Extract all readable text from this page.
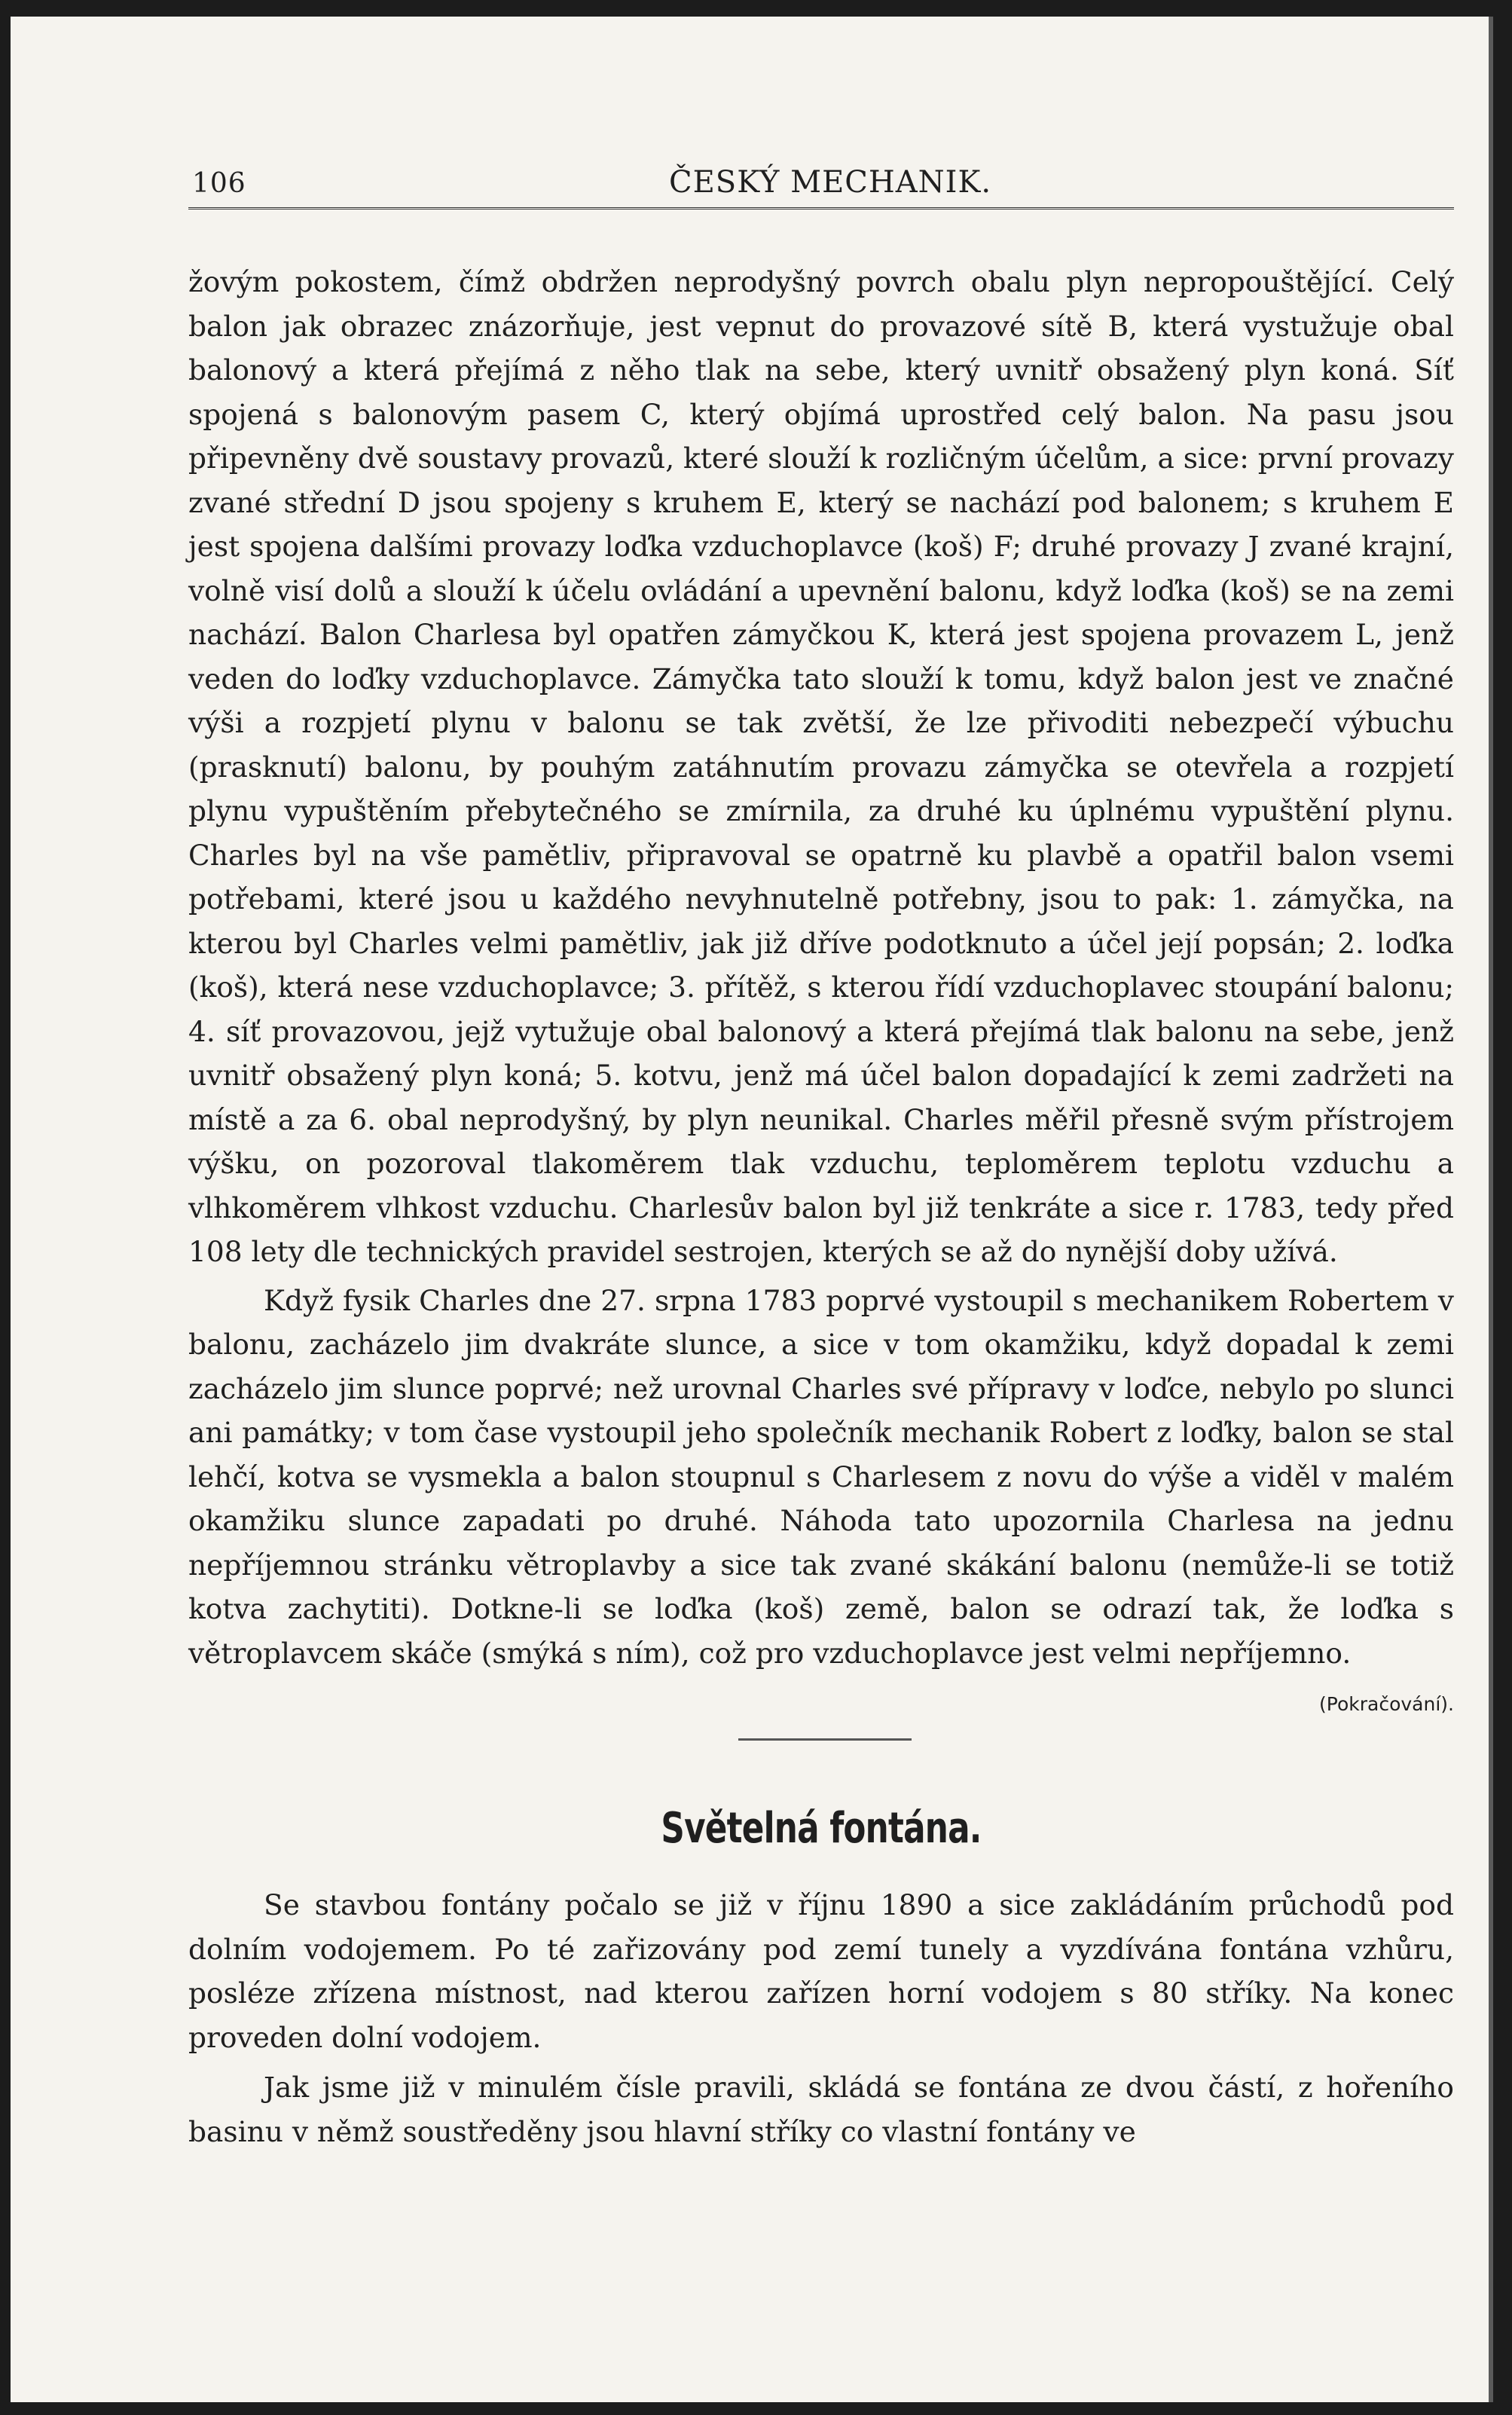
106	ČESKÝ MECHANIK.

žovým pokostem, čímž obdržen neprodyšný povrch obalu plyn nepropouštějící. Celý balon jak obrazec znázorňuje, jest vepnut do provazové sítě B, která vystužuje obal balonový a která přejímá z něho tlak na sebe, který uvnitř obsažený plyn koná. Síť spojená s balonovým pasem C, který objímá uprostřed celý balon. Na pasu jsou připevněny dvě soustavy provazů, které slouží k rozličným účelům, a sice: první provazy zvané střední D jsou spojeny s kruhem E, který se nachází pod balonem; s kruhem E jest spojena dalšími provazy loďka vzduchoplavce (koš) F; druhé provazy J zvané krajní, volně visí dolů a slouží k účelu ovládání a upevnění balonu, když loďka (koš) se na zemi nachází. Balon Charlesa byl opatřen zámyčkou K, která jest spojena provazem L, jenž veden do loďky vzduchoplavce. Zámyčka tato slouží k tomu, když balon jest ve značné výši a rozpjetí plynu v balonu se tak zvětší, že lze přivoditi nebezpečí výbuchu (prasknutí) balonu, by pouhým zatáhnutím provazu zámyčka se otevřela a rozpjetí plynu vypuštěním přebytečného se zmírnila, za druhé ku úplnému vypuštění plynu. Charles byl na vše pamětliv, připravoval se opatrně ku plavbě a opatřil balon vsemi potřebami, které jsou u každého nevyhnutelně potřebny, jsou to pak: 1. zámyčka, na kterou byl Charles velmi pamětliv, jak již dříve podotknuto a účel její popsán; 2. loďka (koš), která nese vzduchoplavce; 3. přítěž, s kterou řídí vzduchoplavec stoupání balonu; 4. síť provazovou, jejž vytužuje obal balonový a která přejímá tlak balonu na sebe, jenž uvnitř obsažený plyn koná; 5. kotvu, jenž má účel balon dopadající k zemi zadržeti na místě a za 6. obal neprodyšný, by plyn neunikal. Charles měřil přesně svým přístrojem výšku, on pozoroval tlakoměrem tlak vzduchu, teploměrem teplotu vzduchu a vlhkoměrem vlhkost vzduchu. Charlesův balon byl již tenkráte a sice r. 1783, tedy před 108 lety dle technických pravidel sestrojen, kterých se až do nynější doby užívá.

Když fysik Charles dne 27. srpna 1783 poprvé vystoupil s mechanikem Robertem v balonu, zacházelo jim dvakráte slunce, a sice v tom okamžiku, když dopadal k zemi zacházelo jim slunce poprvé; než urovnal Charles své přípravy v loďce, nebylo po slunci ani památky; v tom čase vystoupil jeho společník mechanik Robert z loďky, balon se stal lehčí, kotva se vysmekla a balon stoupnul s Charlesem z novu do výše a viděl v malém okamžiku slunce zapadati po druhé. Náhoda tato upozornila Charlesa na jednu nepříjemnou stránku větroplavby a sice tak zvané skákání balonu (nemůže-li se totiž kotva zachytiti). Dotkne-li se loďka (koš) země, balon se odrazí tak, že loďka s větroplavcem skáče (smýká s ním), což pro vzduchoplavce jest velmi nepříjemno.
(Pokračování).

Světelná fontána.

Se stavbou fontány počalo se již v říjnu 1890 a sice zakládáním průchodů pod dolním vodojemem. Po té zařizovány pod zemí tunely a vyzdívána fontána vzhůru, posléze zřízena místnost, nad kterou zařízen horní vodojem s 80 stříky. Na konec proveden dolní vodojem.

Jak jsme již v minulém čísle pravili, skládá se fontána ze dvou částí, z hořeního basinu v němž soustředěny jsou hlavní stříky co vlastní fontány ve
